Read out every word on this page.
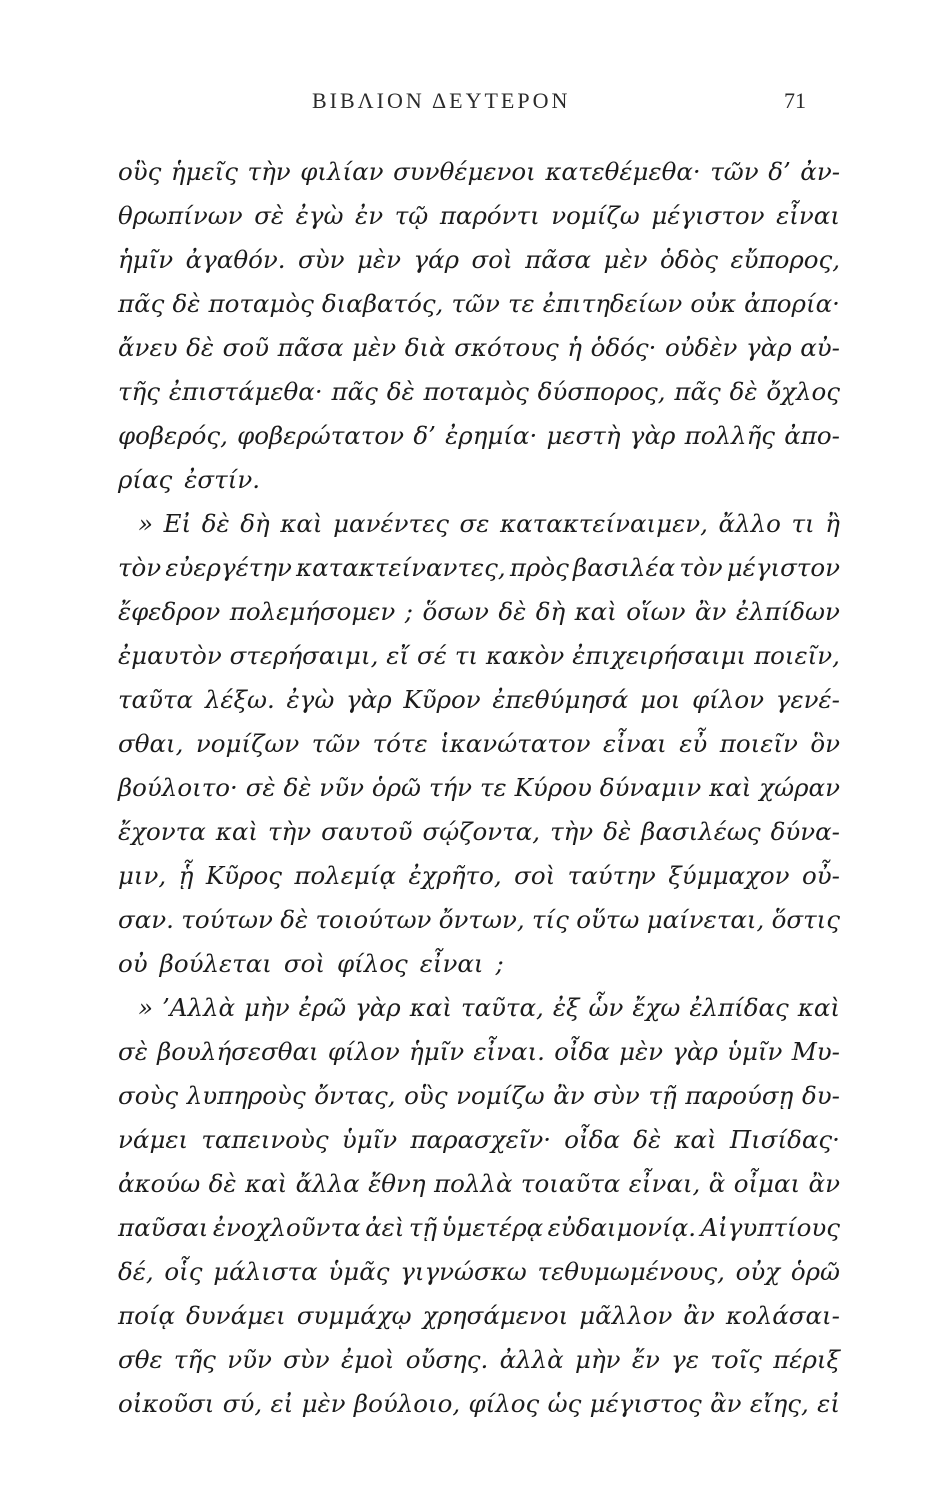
ΒΙΒΛΙΟΝ ΔΕΥΤΕΡΟΝ	71
οὓς ἡμεῖς τὴν φιλίαν συνθέμενοι κατεθέμεθα· τῶν δ’ ἀν-
θρωπίνων σὲ ἐγὼ ἐν τῷ παρόντι νομίζω μέγιστον εἶναι
ἡμῖν ἀγαθόν. σὺν μὲν γάρ σοὶ πᾶσα μὲν ὁδὸς εὔπορος,
πᾶς δὲ ποταμὸς διαβατός, τῶν τε ἐπιτηδείων οὐκ ἀπορία·
ἄνευ δὲ σοῦ πᾶσα μὲν διὰ σκότους ἡ ὁδός· οὐδὲν γὰρ αὐ-
τῆς ἐπιστάμεθα· πᾶς δὲ ποταμὸς δύσπορος, πᾶς δὲ ὄχλος
φοβερός, φοβερώτατον δ’ ἐρημία· μεστὴ γὰρ πολλῆς ἀπο-
ρίας ἐστίν.
» Εἰ δὲ δὴ καὶ μανέντες σε κατακτείναιμεν, ἄλλο τι ἢ
τὸν εὐεργέτην κατακτείναντες, πρὸς βασιλέα τὸν μέγιστον
ἔφεδρον πολεμήσομεν ; ὅσων δὲ δὴ καὶ οἵων ἂν ἐλπίδων
ἐμαυτὸν στερήσαιμι, εἴ σέ τι κακὸν ἐπιχειρήσαιμι ποιεῖν,
ταῦτα λέξω. ἐγὼ γὰρ Κῦρον ἐπεθύμησά μοι φίλον γενέ-
σθαι, νομίζων τῶν τότε ἱκανώτατον εἶναι εὖ ποιεῖν ὃν
βούλοιτο· σὲ δὲ νῦν ὁρῶ τήν τε Κύρου δύναμιν καὶ χώραν
ἔχοντα καὶ τὴν σαυτοῦ σῴζοντα, τὴν δὲ βασιλέως δύνα-
μιν, ᾗ Κῦρος πολεμίᾳ ἐχρῆτο, σοὶ ταύτην ξύμμαχον οὖ-
σαν. τούτων δὲ τοιούτων ὄντων, τίς οὕτω μαίνεται, ὅστις
οὐ βούλεται σοὶ φίλος εἶναι ;
» ’Αλλὰ μὴν ἐρῶ γὰρ καὶ ταῦτα, ἐξ ὧν ἔχω ἐλπίδας καὶ
σὲ βουλήσεσθαι φίλον ἡμῖν εἶναι. οἶδα μὲν γὰρ ὑμῖν Μυ-
σοὺς λυπηροὺς ὄντας, οὓς νομίζω ἂν σὺν τῇ παρούσῃ δυ-
νάμει ταπεινοὺς ὑμῖν παρασχεῖν· οἶδα δὲ καὶ Πισίδας·
ἀκούω δὲ καὶ ἄλλα ἔθνη πολλὰ τοιαῦτα εἶναι, ἃ οἶμαι ἂν
παῦσαι ἐνοχλοῦντα ἀεὶ τῇ ὑμετέρᾳ εὐδαιμονίᾳ. Αἰγυπτίους
δέ, οἷς μάλιστα ὑμᾶς γιγνώσκω τεθυμωμένους, οὐχ ὁρῶ
ποίᾳ δυνάμει συμμάχῳ χρησάμενοι μᾶλλον ἂν κολάσαι-
σθε τῆς νῦν σὺν ἐμοὶ οὔσης. ἀλλὰ μὴν ἔν γε τοῖς πέριξ
οἰκοῦσι σύ, εἰ μὲν βούλοιο, φίλος ὡς μέγιστος ἂν εἴης, εἰ
